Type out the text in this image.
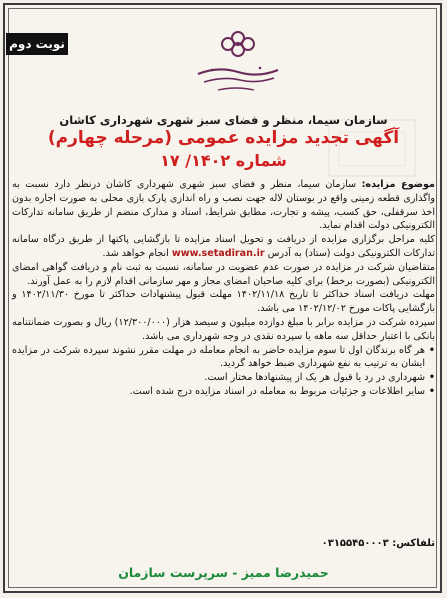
نوبت دوم
سازمان سیما، منظر و فضای سبز شهری شهرداری کاشان
آگهی تجدید مزایده عمومی (مرحله چهارم)
شماره ۱۴۰۲/ ۱۷

موضوع مزایده: سازمان سیما، منظر و فضای سبز شهری شهرداری کاشان درنظر دارد نسبت به واگذاری قطعه زمینی واقع در بوستان لاله جهت نصب و راه اندازی پارک بازی محلی به صورت اجاره بدون اخذ سرقفلی، حق کسب، پیشه و تجارت، مطابق شرایط، اسناد و مدارک منضم از طریق سامانه تدارکات الکترونیکی دولت اقدام نماید.

کلیه مراحل برگزاری مزایده از دریافت و تحویل اسناد مزایده تا بازگشایی پاکتها از طریق درگاه سامانه تدارکات الکترونیکی دولت (ستاد) به آدرس www.setadiran.ir انجام خواهد شد.

متقاضیان شرکت در مزایده در صورت عدم عضویت در سامانه، نسبت به ثبت نام و دریافت گواهی امضای الکترونیکی (بصورت برخط) برای کلیه صاحبان امضای مجاز و مهر سازمانی اقدام لازم را به عمل آورند.

مهلت دریافت اسناد حداکثر تا تاریخ ۱۴۰۲/۱۱/۱۸ مهلت قبول پیشنهادات حداکثر تا مورخ ۱۴۰۲/۱۱/۳۰ و بازگشایی پاکات مورخ ۱۴۰۲/۱۲/۰۲ می باشد.

سپرده شرکت در مزایده برابر با مبلغ دوازده میلیون و سیصد هزار (۱۲/۳۰۰/۰۰۰) ریال و بصورت ضمانتنامه بانکی با اعتبار حداقل سه ماهه یا سپرده نقدی در وجه شهرداری می باشد.

• هر گاه برندگان اول تا سوم مزایده حاضر به انجام معامله در مهلت مقرر نشوند سپرده شرکت در مزایده ایشان به ترتیب به نفع شهرداری ضبط خواهد گردید.
• شهرداری در رد یا قبول هر یک از پیشنهادها مختار است.
• سایر اطلاعات و جزئیات مربوط به معامله در اسناد مزایده درج شده است.
تلفاکس: ۰۳۱۵۵۴۵۰۰۰۳
حمیدرضا ممیز - سرپرست سازمان
